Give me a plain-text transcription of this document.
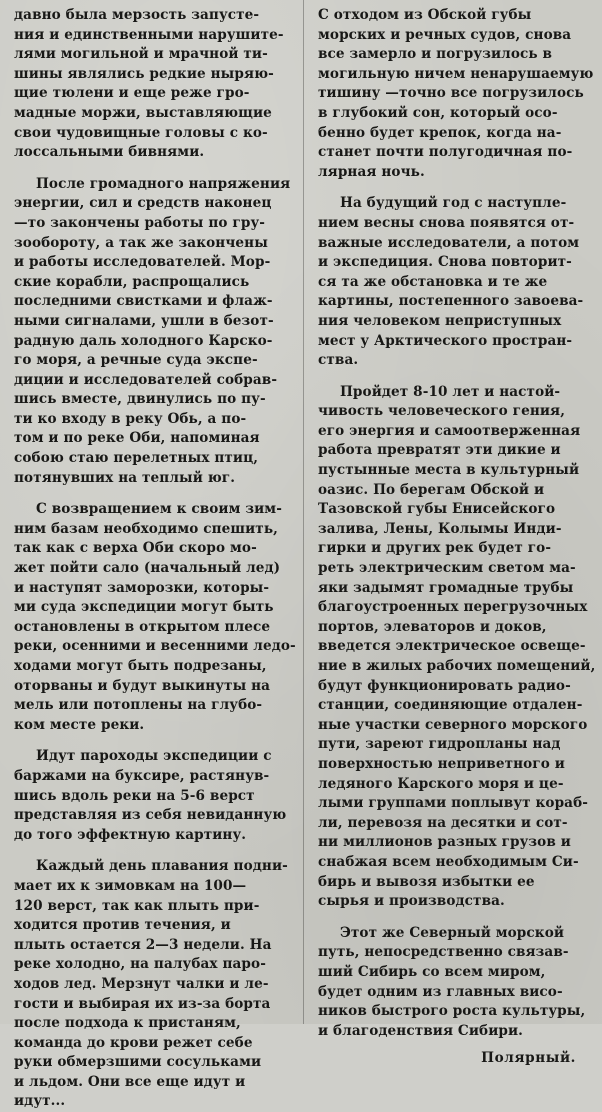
давно была мерзость запусте-
ния и единственными нарушите-
лями могильной и мрачной ти-
шины являлись редкие ныряю-
щие тюлени и еще реже гро-
мадные моржи, выставляющие
свои чудовищные головы с ко-
лоссальными бивнями.
После громадного напряжения
энергии, сил и средств наконец
—то закончены работы по гру-
зообороту, а так же закончены
и работы исследователей. Мор-
ские корабли, распрощались
последними свистками и флаж-
ными сигналами, ушли в безот-
радную даль холодного Карско-
го моря, а речные суда экспе-
диции и исследователей собрав-
шись вместе, двинулись по пу-
ти ко входу в реку Обь, а по-
том и по реке Оби, напоминая
собою стаю перелетных птиц,
потянувших на теплый юг.
С возвращением к своим зим-
ним базам необходимо спешить,
так как с верха Оби скоро мо-
жет пойти сало (начальный лед)
и наступят заморозки, которы-
ми суда экспедиции могут быть
остановлены в открытом плесе
реки, осенними и весенними ледо-
ходами могут быть подрезаны,
оторваны и будут выкинуты на
мель или потоплены на глубо-
ком месте реки.
Идут пароходы экспедиции с
баржами на буксире, растянув-
шись вдоль реки на 5-6 верст
представляя из себя невиданную
до того эффектную картину.
Каждый день плавания подни-
мает их к зимовкам на 100—
120 верст, так как плыть при-
ходится против течения, и
плыть остается 2—3 недели. На
реке холодно, на палубах паро-
ходов лед. Мерзнут чалки и ле-
гости и выбирая их из-за борта
после подхода к пристаням,
команда до крови режет себе
руки обмерзшими сосульками
и льдом. Они все еще идут и
идут...
С отходом из Обской губы
морских и речных судов, снова
все замерло и погрузилось в
могильную ничем ненарушаемую
тишину —точно все погрузилось
в глубокий сон, который осо-
бенно будет крепок, когда на-
станет почти полугодичная по-
лярная ночь.
На будущий год с наступле-
нием весны снова появятся от-
важные исследователи, а потом
и экспедиция. Снова повторит-
ся та же обстановка и те же
картины, постепенного завоева-
ния человеком неприступных
мест у Арктического простран-
ства.
Пройдет 8-10 лет и настой-
чивость человеческого гения,
его энергия и самоотверженная
работа превратят эти дикие и
пустынные места в культурный
оазис. По берегам Обской и
Тазовской губы Енисейского
залива, Лены, Колымы Инди-
гирки и других рек будет го-
реть электрическим светом ма-
яки задымят громадные трубы
благоустроенных перегрузочных
портов, элеваторов и доков,
введется электрическое освеще-
ние в жилых рабочих помещений,
будут функционировать радио-
станции, соединяющие отдален-
ные участки северного морского
пути, зареют гидропланы над
поверхностью неприветного и
ледяного Карского моря и це-
лыми группами поплывут кораб-
ли, перевозя на десятки и сот-
ни миллионов разных грузов и
снабжая всем необходимым Си-
бирь и вывозя избытки ее
сырья и производства.
Этот же Северный морской
путь, непосредственно связав-
ший Сибирь со всем миром,
будет одним из главных висо-
ников быстрого роста культуры,
и благоденствия Сибири.
Полярный.
